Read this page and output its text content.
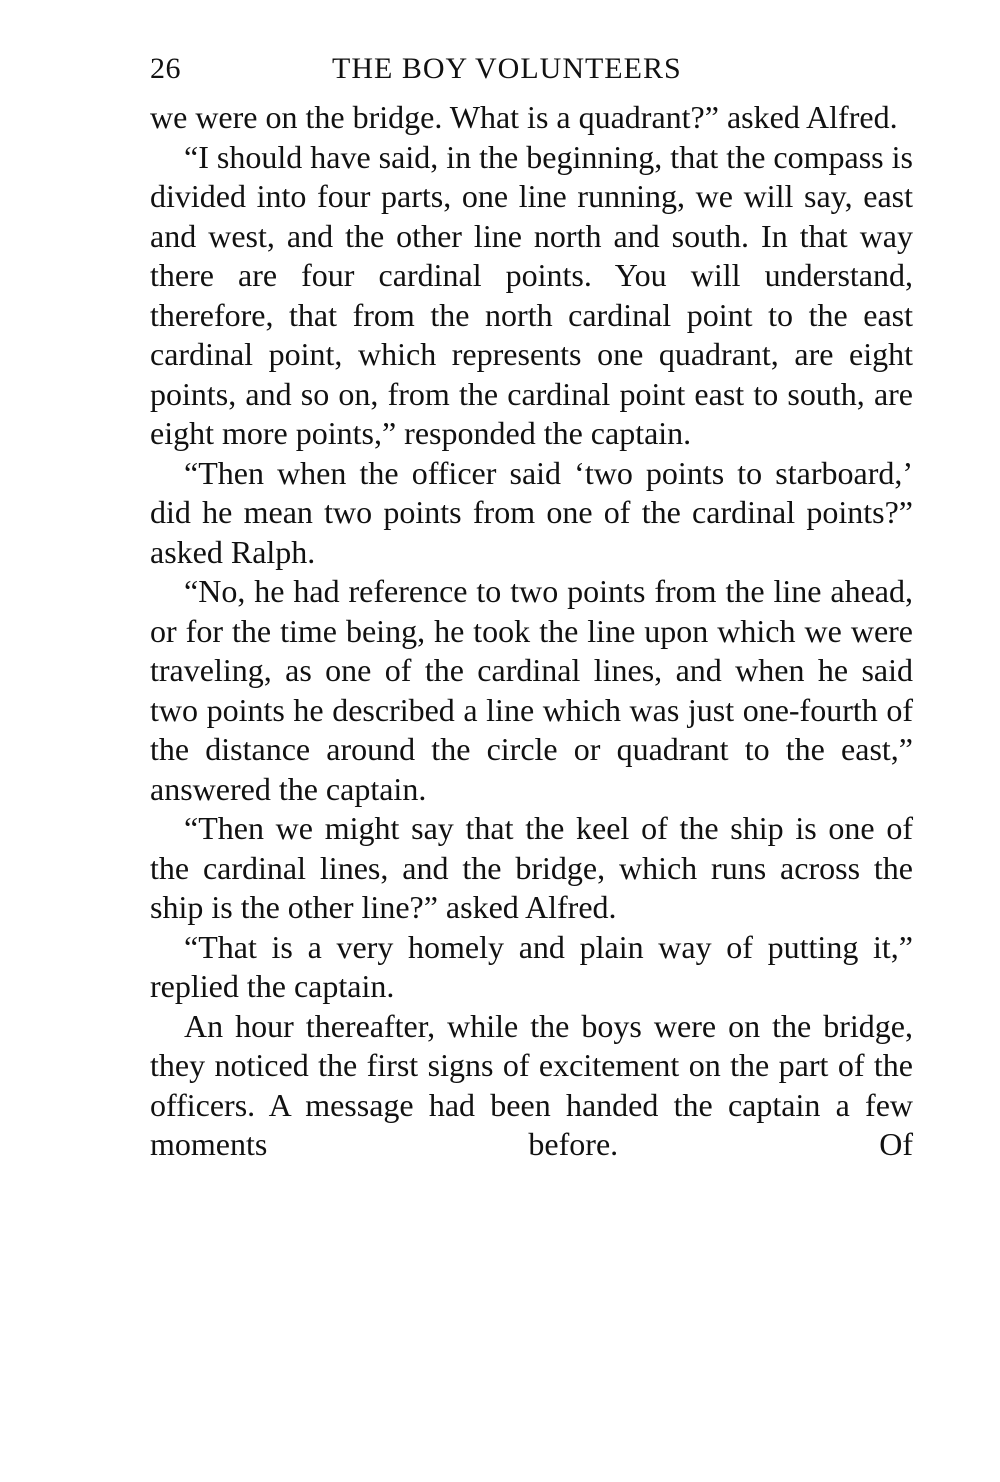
26	THE BOY VOLUNTEERS

we were on the bridge. What is a quadrant?” asked Alfred.

“I should have said, in the beginning, that the compass is divided into four parts, one line running, we will say, east and west, and the other line north and south. In that way there are four cardinal points. You will understand, therefore, that from the north cardinal point to the east cardinal point, which represents one quadrant, are eight points, and so on, from the cardinal point east to south, are eight more points,” responded the captain.

“Then when the officer said ‘two points to starboard,’ did he mean two points from one of the cardinal points?” asked Ralph.

“No, he had reference to two points from the line ahead, or for the time being, he took the line upon which we were traveling, as one of the cardinal lines, and when he said two points he described a line which was just one-fourth of the distance around the circle or quadrant to the east,” answered the captain.

“Then we might say that the keel of the ship is one of the cardinal lines, and the bridge, which runs across the ship is the other line?” asked Alfred.

“That is a very homely and plain way of putting it,” replied the captain.

An hour thereafter, while the boys were on the bridge, they noticed the first signs of excitement on the part of the officers. A message had been handed the captain a few moments before. Of
